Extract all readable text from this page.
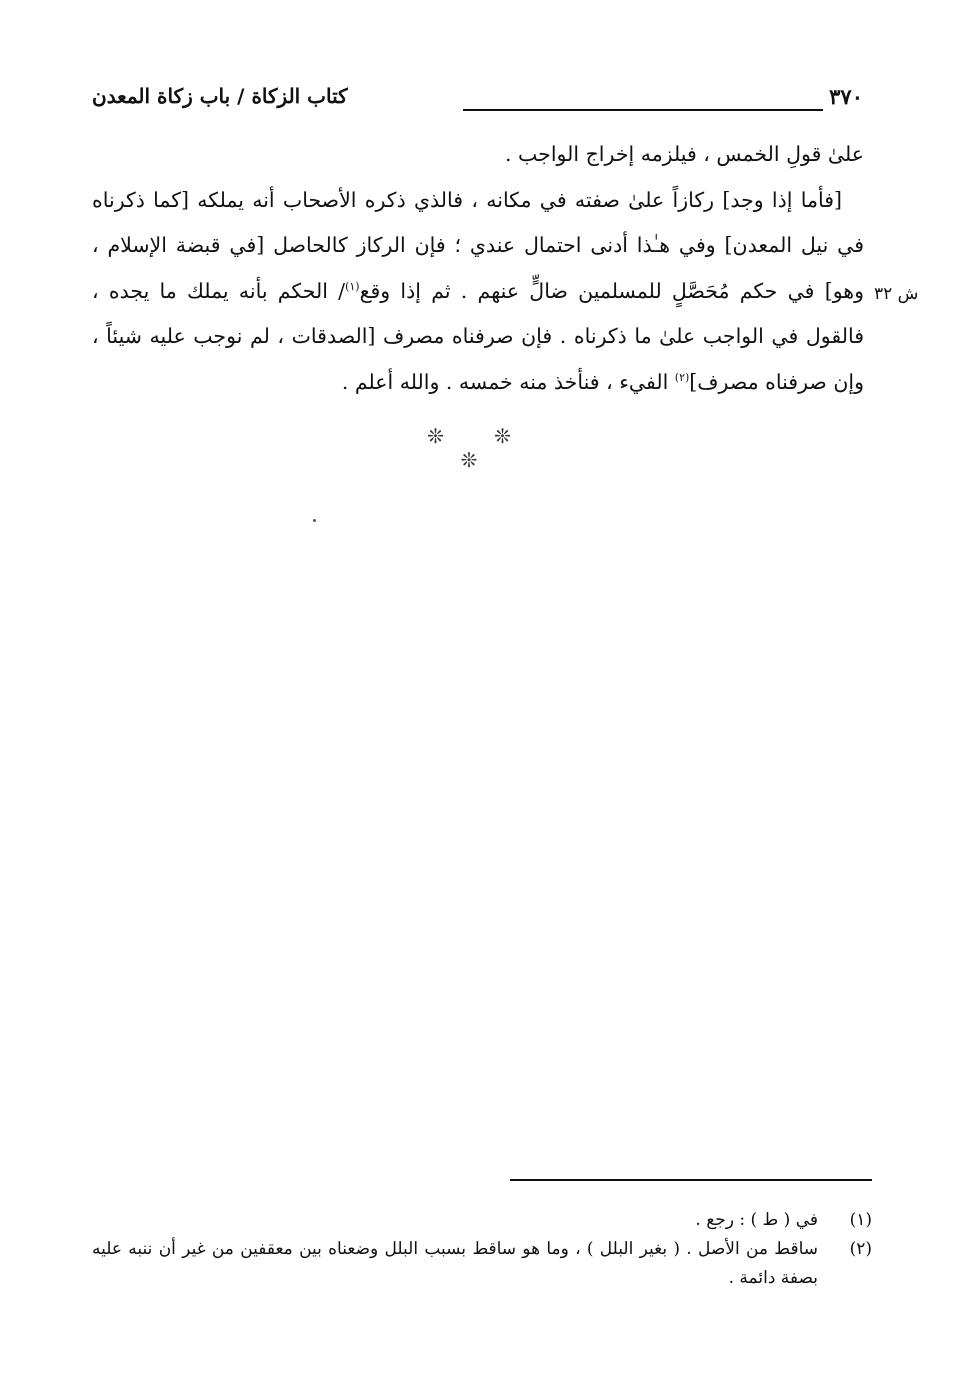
٣٧٠
كتاب الزكاة / باب زكاة المعدن

علىٰ قولِ الخمس ، فيلزمه إخراج الواجب .

[فأما إذا وجد] ركازاً علىٰ صفته في مكانه ، فالذي ذكره الأصحاب أنه يملكه [كما ذكرناه في نيل المعدن] وفي هـٰذا أدنى احتمال عندي ؛ فإن الركاز كالحاصل [في قبضة الإسلام ، وهو] في حكم مُحَصَّلٍ للمسلمين ضالٍّ عنهم . ثم إذا وقع$^{(١)}$/ الحكم بأنه يملك ما يجده ، فالقول في الواجب علىٰ ما ذكرناه . فإن صرفناه مصرف [الصدقات ، لم نوجب عليه شيئاً ، وإن صرفناه مصرف]$^{(٢)}$ الفيء ، فنأخذ منه خمسه . والله أعلم .

ش ٣٢
❊ ❊ ❊
(١)
في ( ط ) : رجع .
(٢)
ساقط من الأصل . ( بغير البلل ) ، وما هو ساقط بسبب البلل وضعناه بين معقفين من غير أن ننبه عليه بصفة دائمة .
